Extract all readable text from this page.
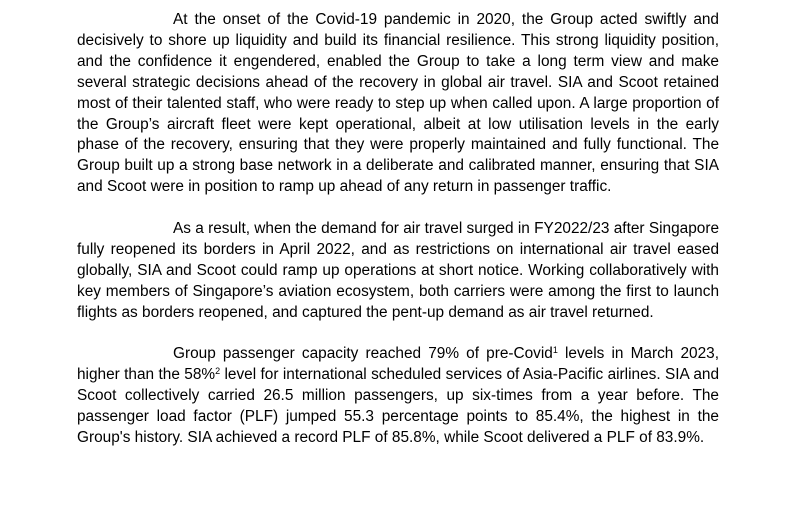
At the onset of the Covid-19 pandemic in 2020, the Group acted swiftly and decisively to shore up liquidity and build its financial resilience. This strong liquidity position, and the confidence it engendered, enabled the Group to take a long term view and make several strategic decisions ahead of the recovery in global air travel. SIA and Scoot retained most of their talented staff, who were ready to step up when called upon. A large proportion of the Group’s aircraft fleet were kept operational, albeit at low utilisation levels in the early phase of the recovery, ensuring that they were properly maintained and fully functional. The Group built up a strong base network in a deliberate and calibrated manner, ensuring that SIA and Scoot were in position to ramp up ahead of any return in passenger traffic.

As a result, when the demand for air travel surged in FY2022/23 after Singapore fully reopened its borders in April 2022, and as restrictions on international air travel eased globally, SIA and Scoot could ramp up operations at short notice. Working collaboratively with key members of Singapore’s aviation ecosystem, both carriers were among the first to launch flights as borders reopened, and captured the pent-up demand as air travel returned.

Group passenger capacity reached 79% of pre-Covid$^1$ levels in March 2023, higher than the 58%$^2$ level for international scheduled services of Asia-Pacific airlines. SIA and Scoot collectively carried 26.5 million passengers, up six-times from a year before. The passenger load factor (PLF) jumped 55.3 percentage points to 85.4%, the highest in the Group's history. SIA achieved a record PLF of 85.8%, while Scoot delivered a PLF of 83.9%.
